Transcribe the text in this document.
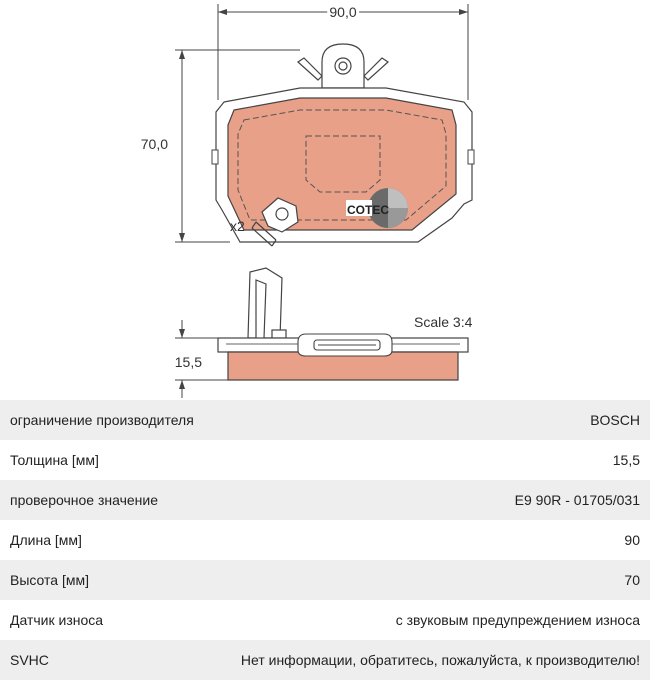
90,0
70,0
COTEC
x2
15,5
Scale 3:4
ограничение производителя	BOSCH
Толщина [мм]	15,5
проверочное значение	E9 90R - 01705/031
Длина [мм]	90
Высота [мм]	70
Датчик износа	с звуковым предупреждением износа
SVHC	Нет информации, обратитесь, пожалуйста, к производителю!
